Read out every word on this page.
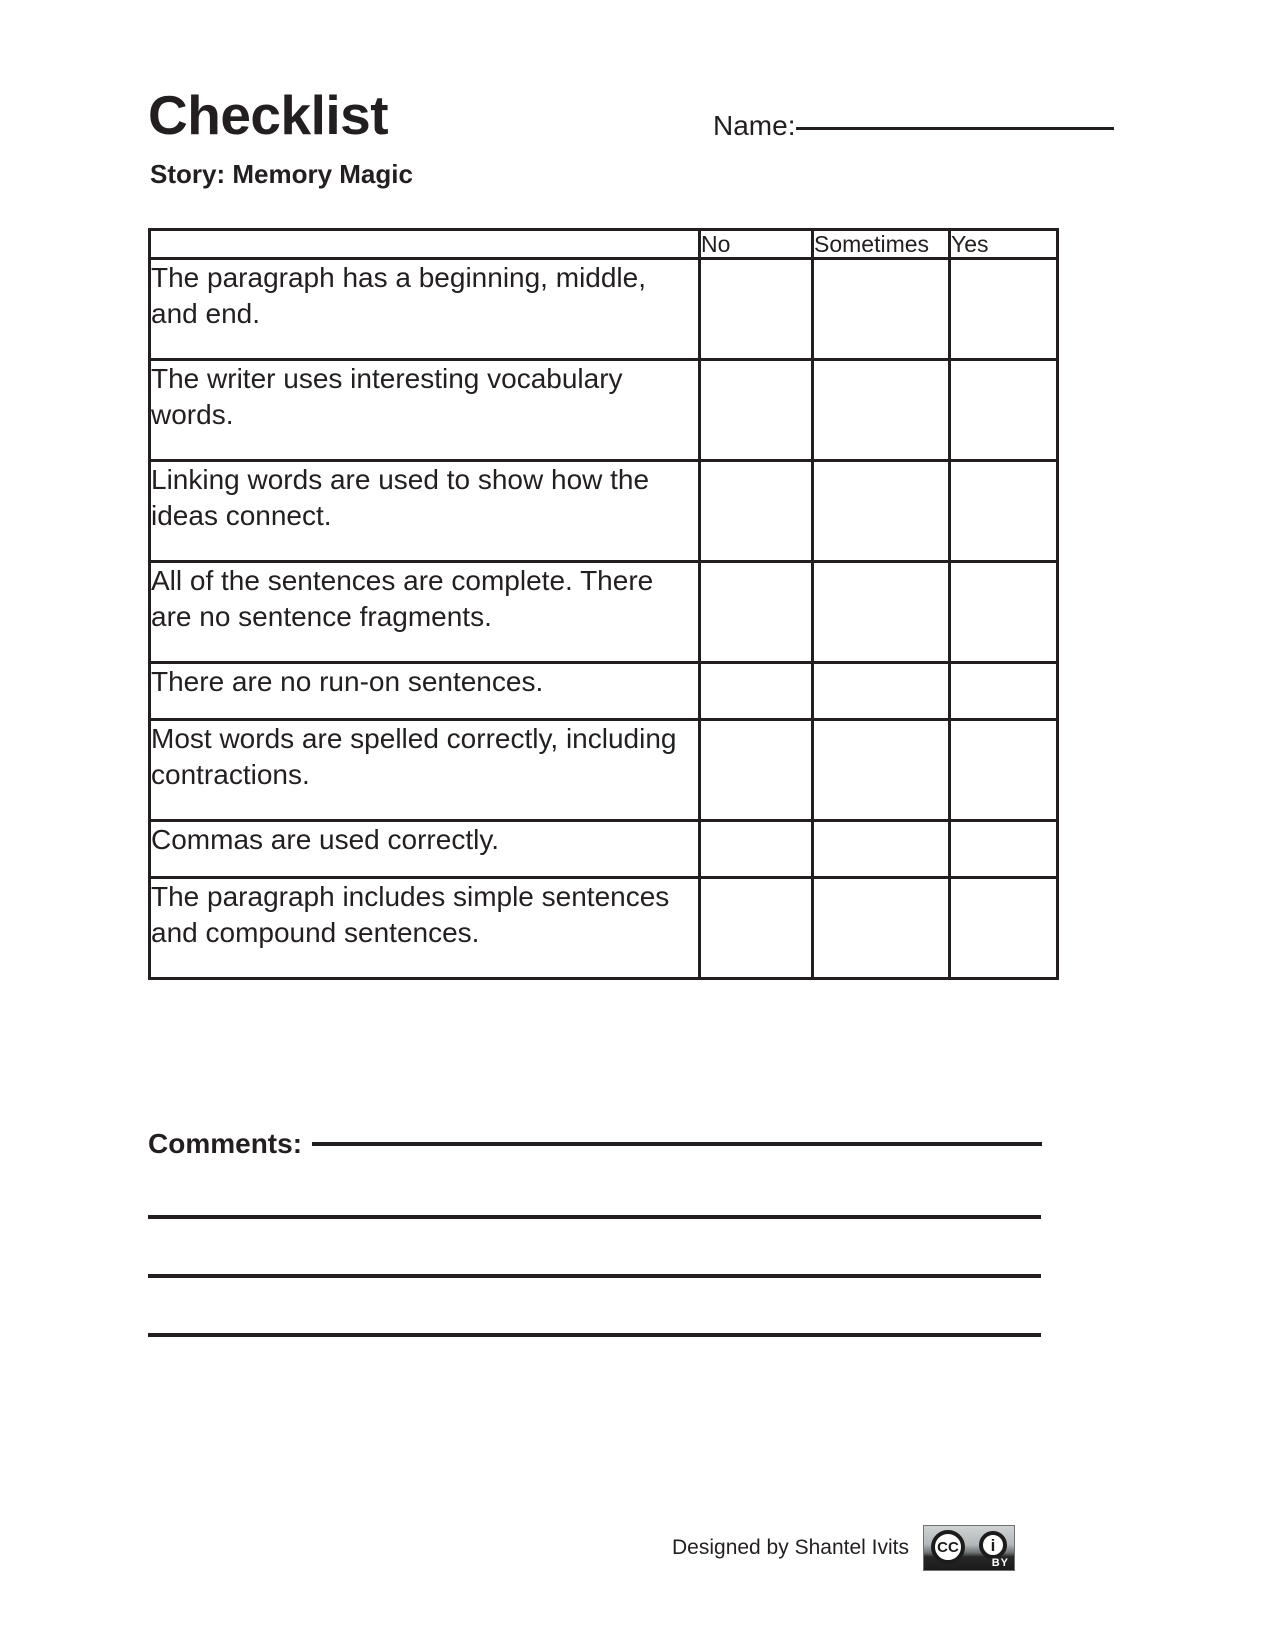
Checklist
Story: Memory Magic
Name:
	No	Sometimes	Yes
The paragraph has a beginning, middle, and end.			
The writer uses interesting vocabulary words.			
Linking words are used to show how the ideas connect.			
All of the sentences are complete. There are no sentence fragments.			
There are no run-on sentences.			
Most words are spelled correctly, including contractions.			
Commas are used correctly.			
The paragraph includes simple sentences and compound sentences.			
Comments:
Designed by Shantel Ivits CC i
BY
